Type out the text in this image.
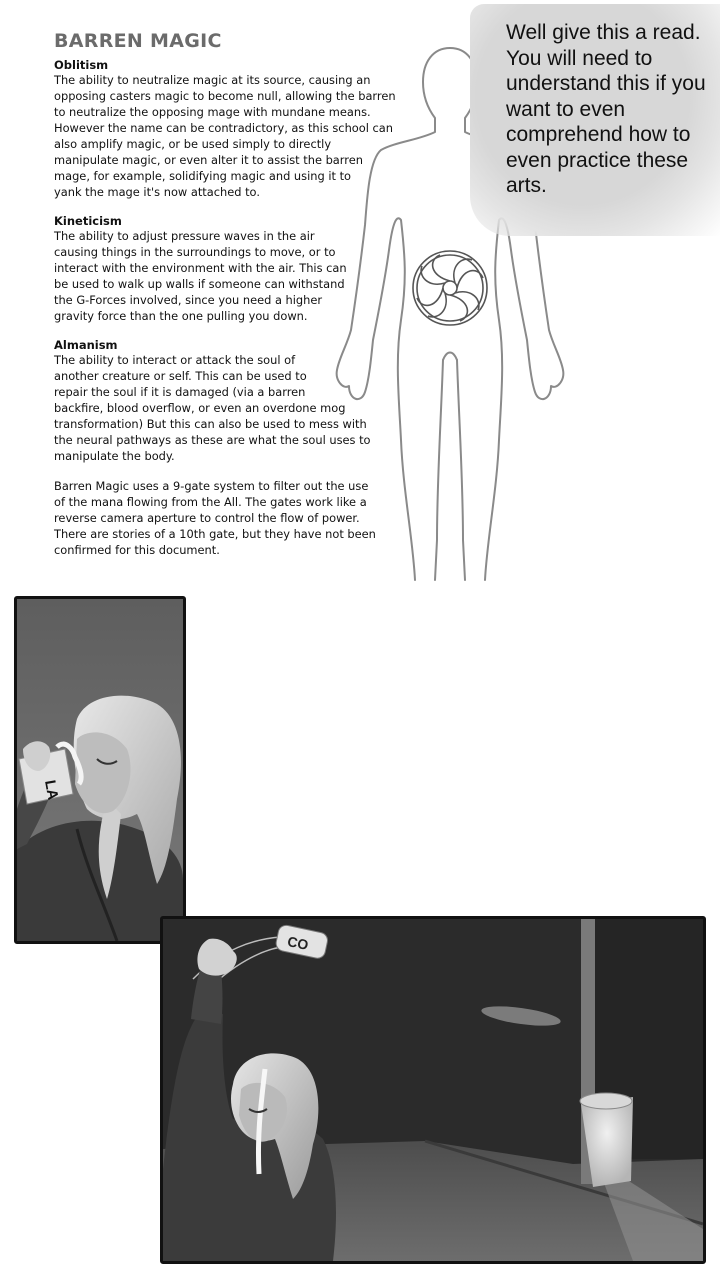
BARREN MAGIC
Oblitism

The ability to neutralize magic at its source, causing an
opposing casters magic to become null, allowing the barren
to neutralize the opposing mage with mundane means.
However the name can be contradictory, as this school can
also amplify magic, or be used simply to directly
manipulate magic, or even alter it to assist the barren
mage, for example, solidifying magic and using it to
yank the mage it's now attached to.

Kineticism

The ability to adjust pressure waves in the air
causing things in the surroundings to move, or to
interact with the environment with the air. This can
be used to walk up walls if someone can withstand
the G-Forces involved, since you need a higher
gravity force than the one pulling you down.

Almanism

The ability to interact or attack the soul of
another creature or self. This can be used to
repair the soul if it is damaged (via a barren
backfire, blood overflow, or even an overdone mog
transformation) But this can also be used to mess with
the neural pathways as these are what the soul uses to
manipulate the body.

Barren Magic uses a 9-gate system to filter out the use
of the mana flowing from the All. The gates work like a
reverse camera aperture to control the flow of power.
There are stories of a 10th gate, but they have not been
confirmed for this document.

Well give this a read. You will need to understand this if you want to even comprehend how to even practice these arts.

LA
CO
